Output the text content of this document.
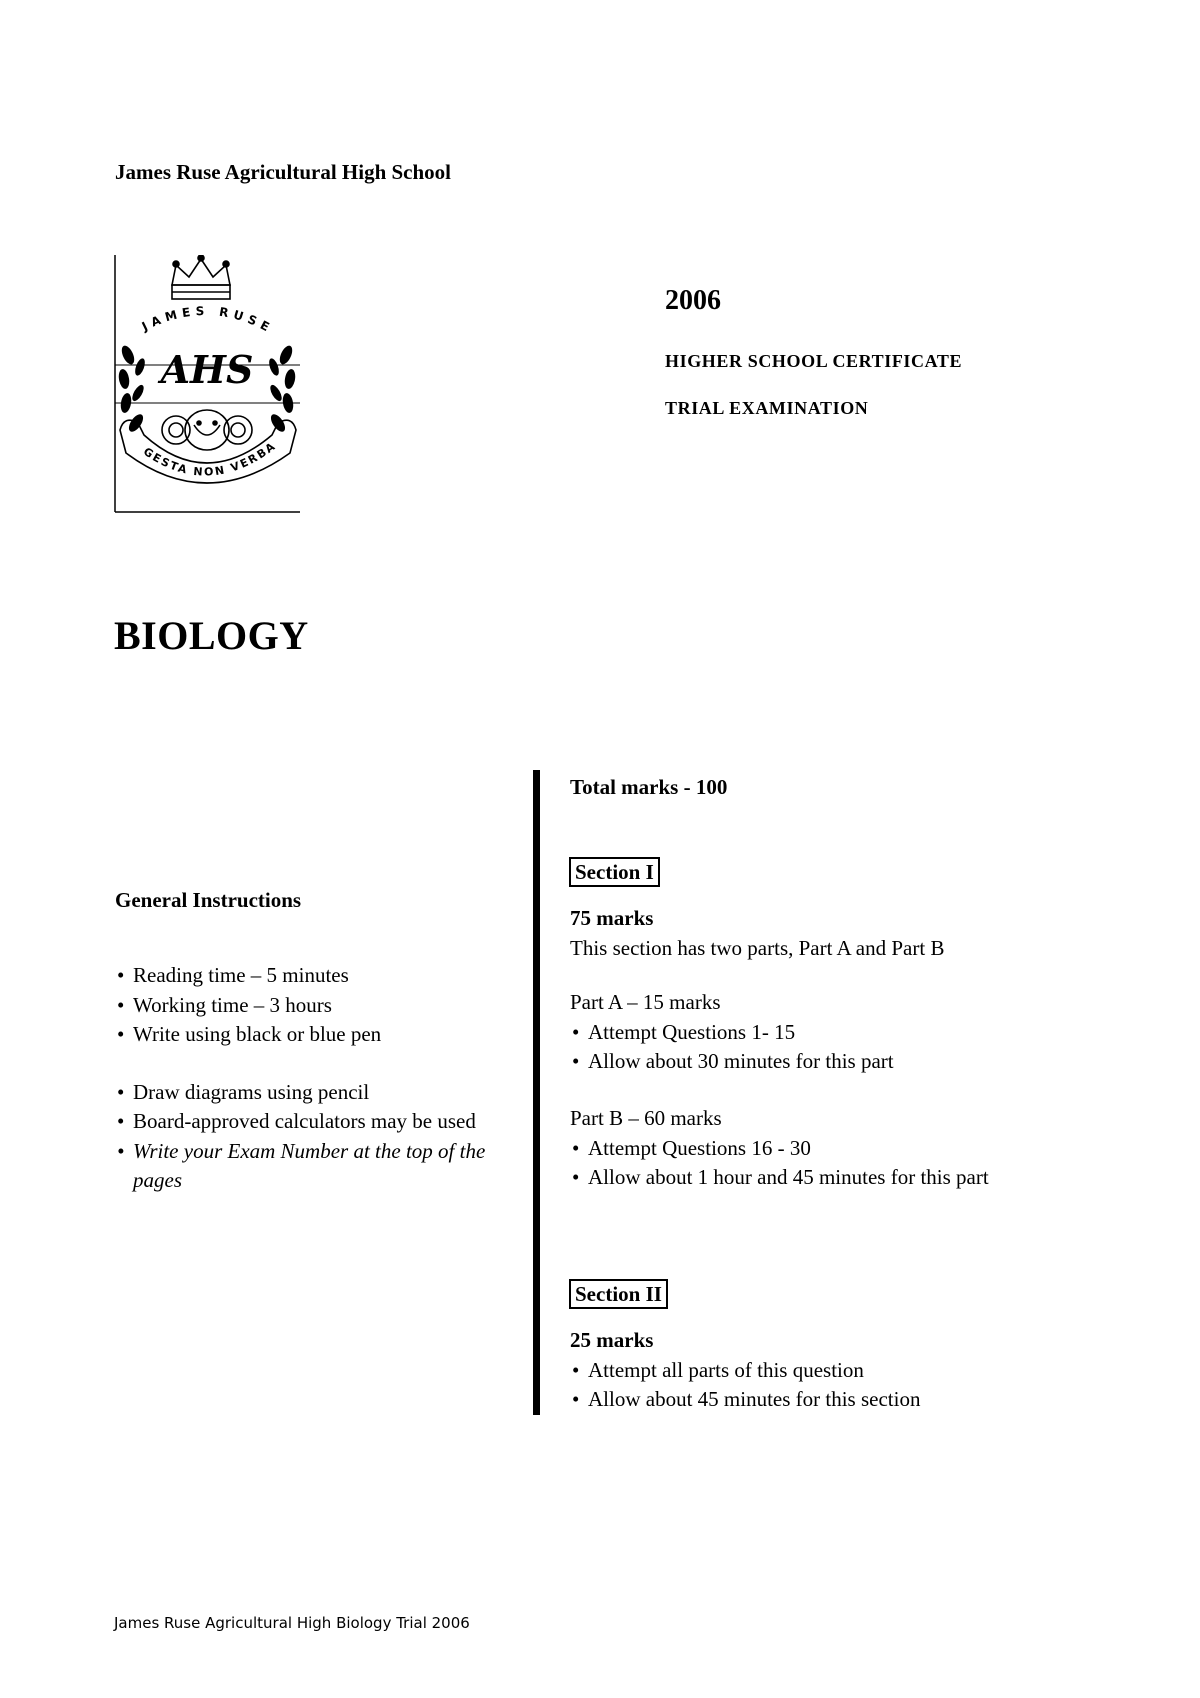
James Ruse Agricultural High School
JAMES RUSE
AHS
GESTA NON VERBA
2006
HIGHER SCHOOL CERTIFICATE
TRIAL EXAMINATION
BIOLOGY
General Instructions
• Reading time – 5 minutes
• Working time – 3 hours
• Write using black or blue pen
• Draw diagrams using pencil
• Board-approved calculators may be used
• Write your Exam Number at the top of the pages
Total marks - 100
Section I
75 marks
This section has two parts, Part A and Part B
Part A – 15 marks
• Attempt Questions 1- 15
• Allow about 30 minutes for this part
Part B – 60 marks
• Attempt Questions 16 - 30
• Allow about 1 hour and 45 minutes for this part
Section II
25 marks
• Attempt all parts of this question
• Allow about 45 minutes for this section
James Ruse Agricultural High Biology Trial 2006
